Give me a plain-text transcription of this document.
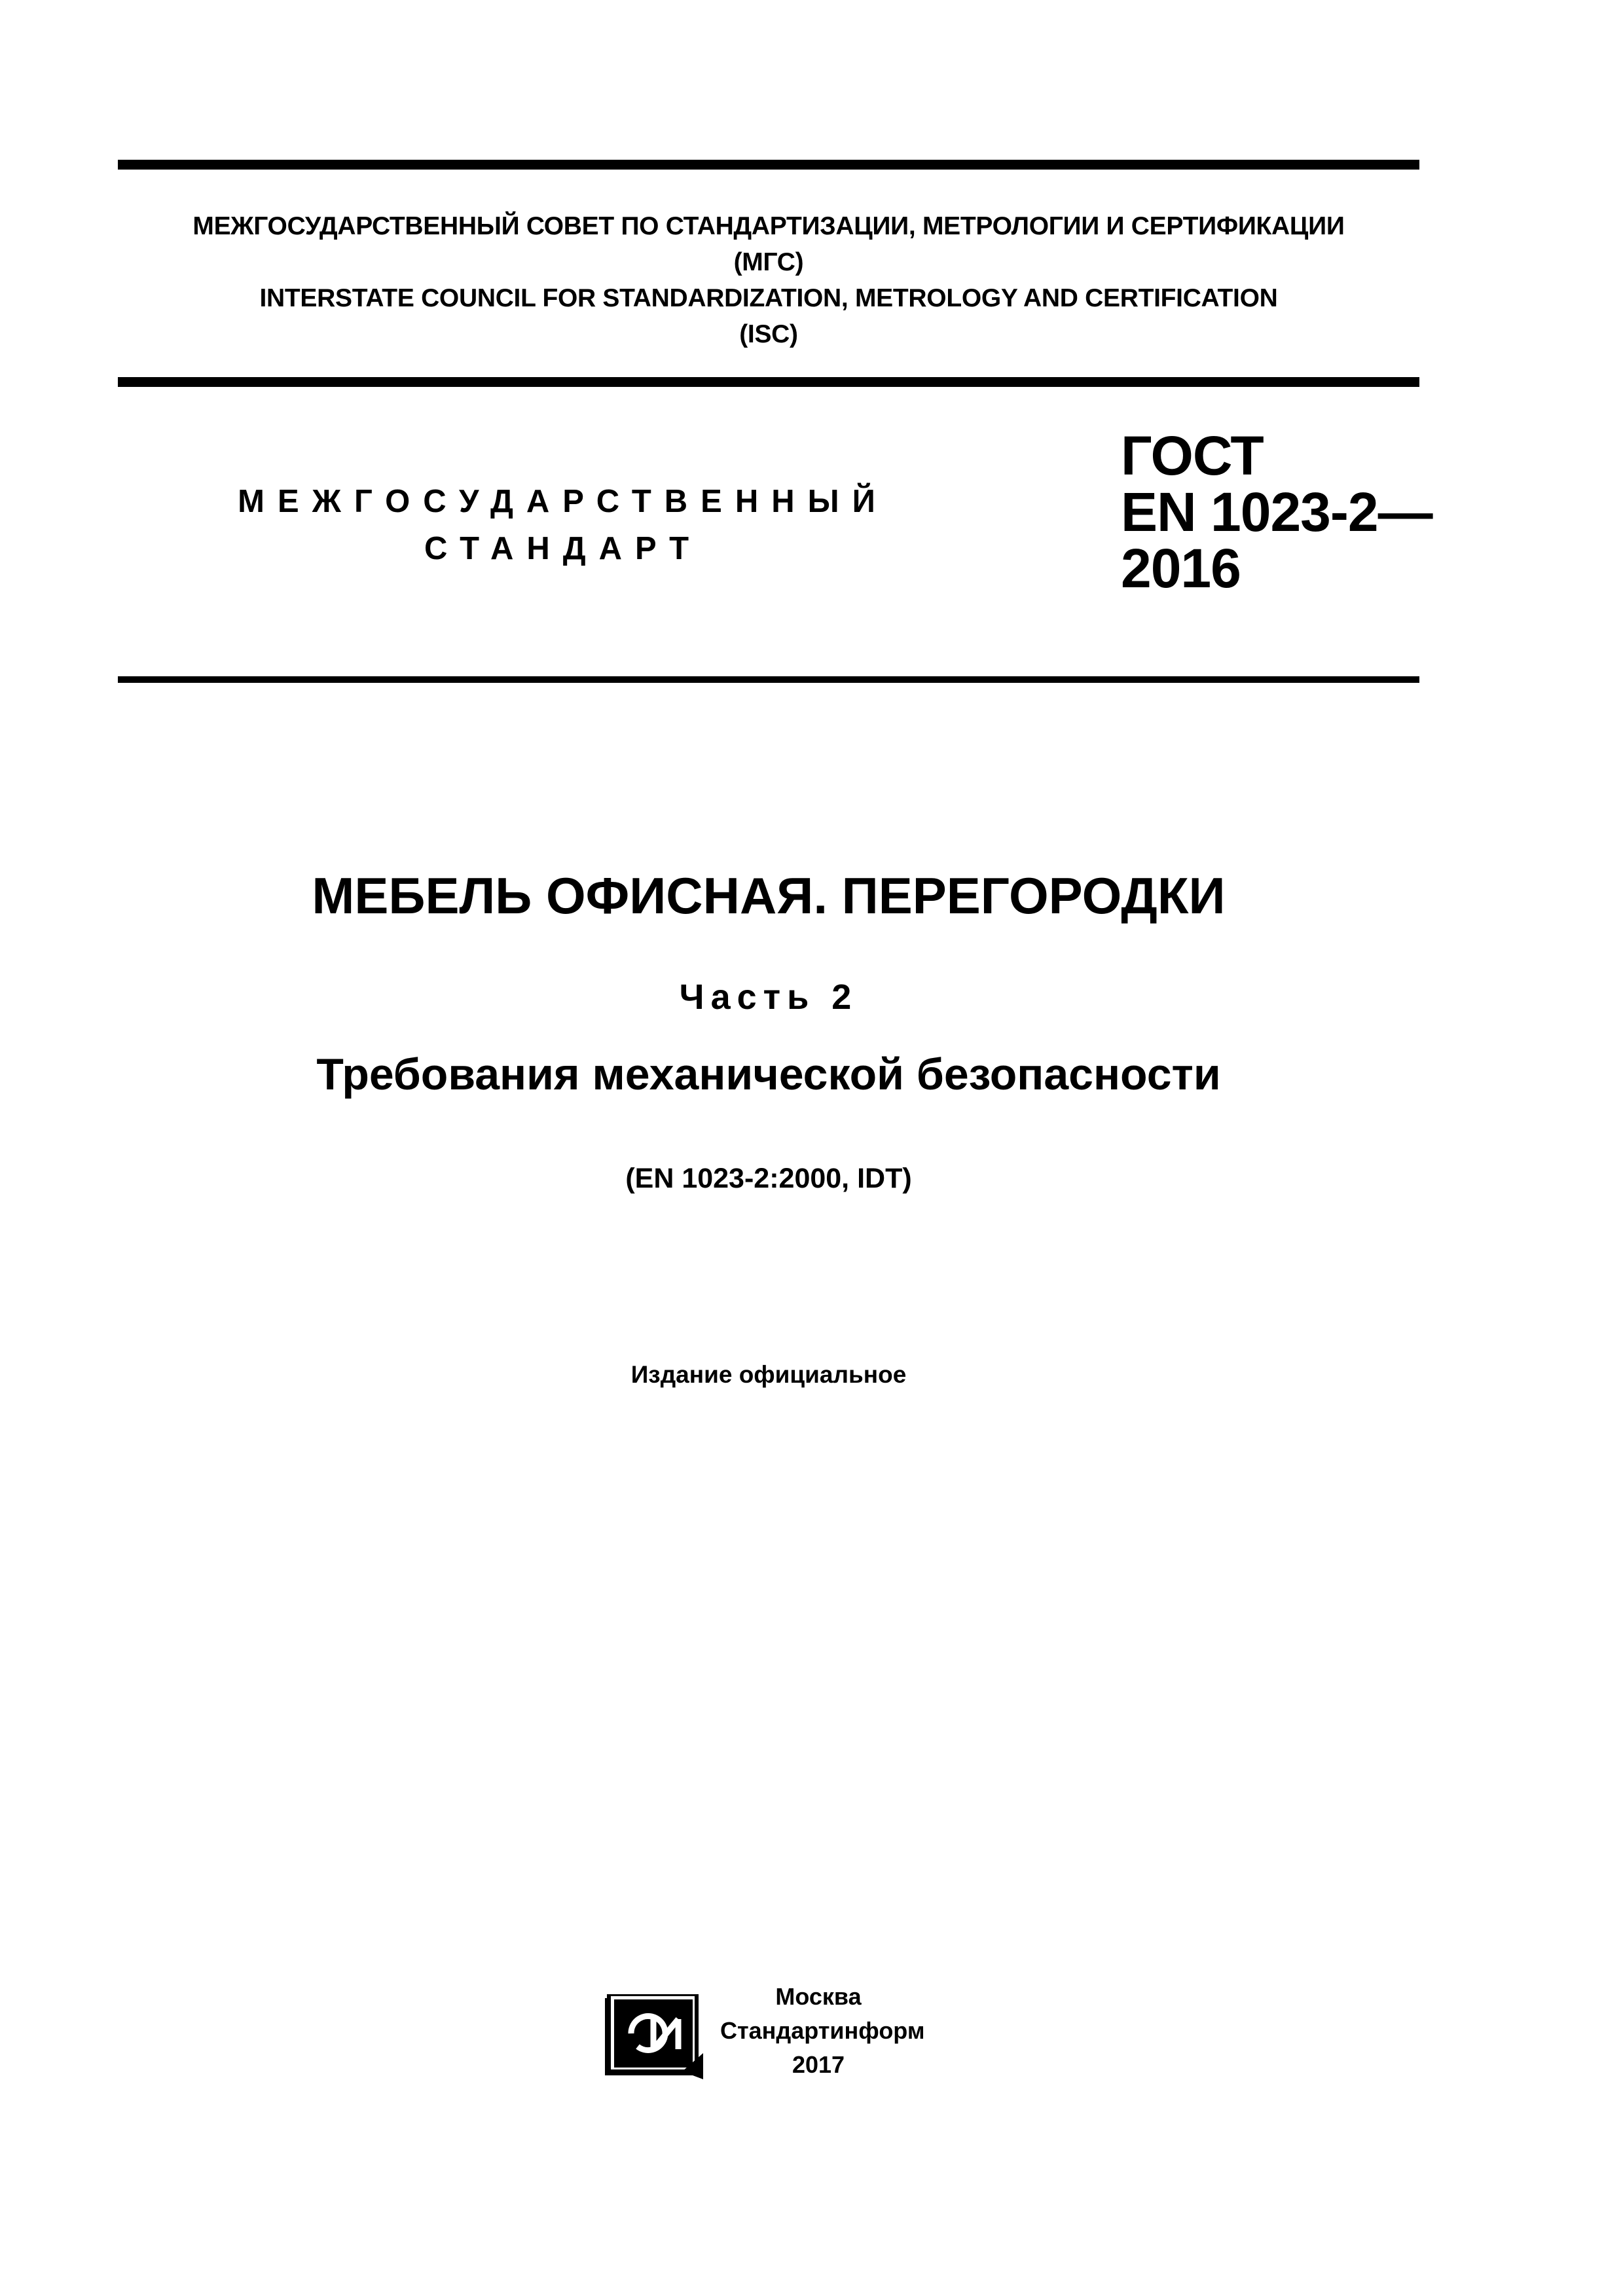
МЕЖГОСУДАРСТВЕННЫЙ СОВЕТ ПО СТАНДАРТИЗАЦИИ, МЕТРОЛОГИИ И СЕРТИФИКАЦИИ
(МГС)
INTERSTATE COUNCIL FOR STANDARDIZATION, METROLOGY AND CERTIFICATION
(ISC)
МЕЖГОСУДАРСТВЕННЫЙ
СТАНДАРТ
ГОСТ
EN 1023-2—
2016
МЕБЕЛЬ ОФИСНАЯ. ПЕРЕГОРОДКИ
Часть 2
Требования механической безопасности
(EN 1023-2:2000, IDT)
Издание официальное
Москва
Стандартинформ
2017
